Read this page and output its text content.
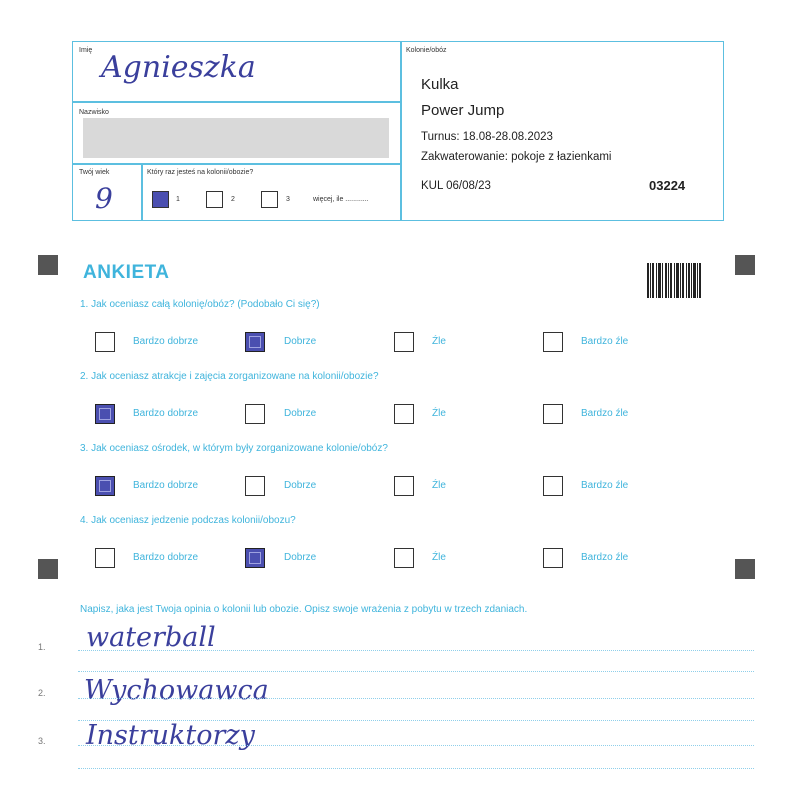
Imię Agnieszka
Nazwisko
Twój wiek
9
Który raz jesteś na kolonii/obozie?
1	2	3	więcej, ile ............
Kolonie/obóz
Kulka
Power Jump
Turnus: 18.08-28.08.2023
Zakwaterowanie: pokoje z łazienkami
KUL 06/08/23	03224
ANKIETA
1. Jak oceniasz całą kolonię/obóz? (Podobało Ci się?)
Bardzo dobrze	Dobrze	Źle	Bardzo źle
2. Jak oceniasz atrakcje i zajęcia zorganizowane na kolonii/obozie?
Bardzo dobrze	Dobrze	Źle	Bardzo źle
3. Jak oceniasz ośrodek, w którym były zorganizowane kolonie/obóz?
Bardzo dobrze	Dobrze	Źle	Bardzo źle
4. Jak oceniasz jedzenie podczas kolonii/obozu?
Bardzo dobrze	Dobrze	Źle	Bardzo źle
Napisz, jaka jest Twoja opinia o kolonii lub obozie. Opisz swoje wrażenia z pobytu w trzech zdaniach.
1. waterball
2. Wychowawca
3. Instruktorzy
